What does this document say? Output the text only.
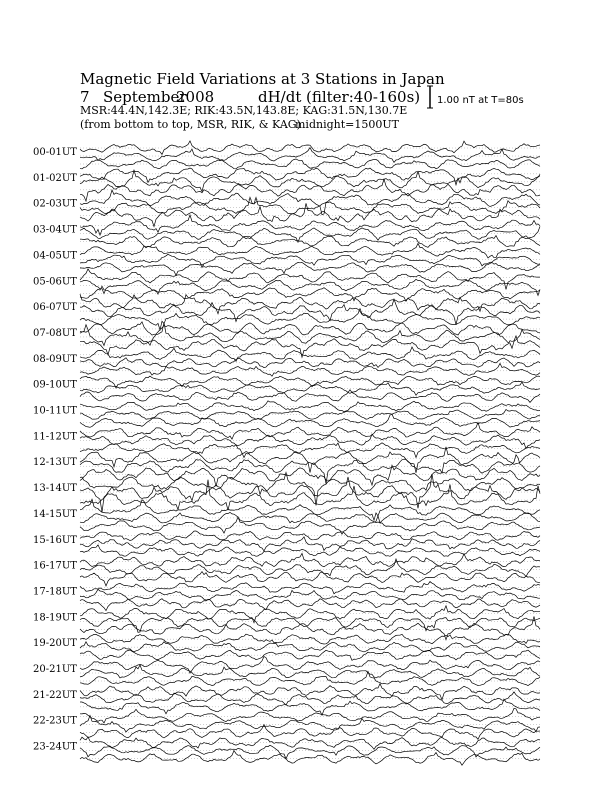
Magnetic Field Variations at 3 Stations in Japan
7 September
2008	dH/dt (filter:40-160s)
MSR:44.4N,142.3E; RIK:43.5N,143.8E; KAG:31.5N,130.7E
(from bottom to top, MSR, RIK, & KAG)
midnight=1500UT
1.00 nT at T=80s
00-01UT
01-02UT
02-03UT
03-04UT
04-05UT
05-06UT
06-07UT
07-08UT
08-09UT
09-10UT
10-11UT
11-12UT
12-13UT
13-14UT
14-15UT
15-16UT
16-17UT
17-18UT
18-19UT
19-20UT
20-21UT
21-22UT
22-23UT
23-24UT
